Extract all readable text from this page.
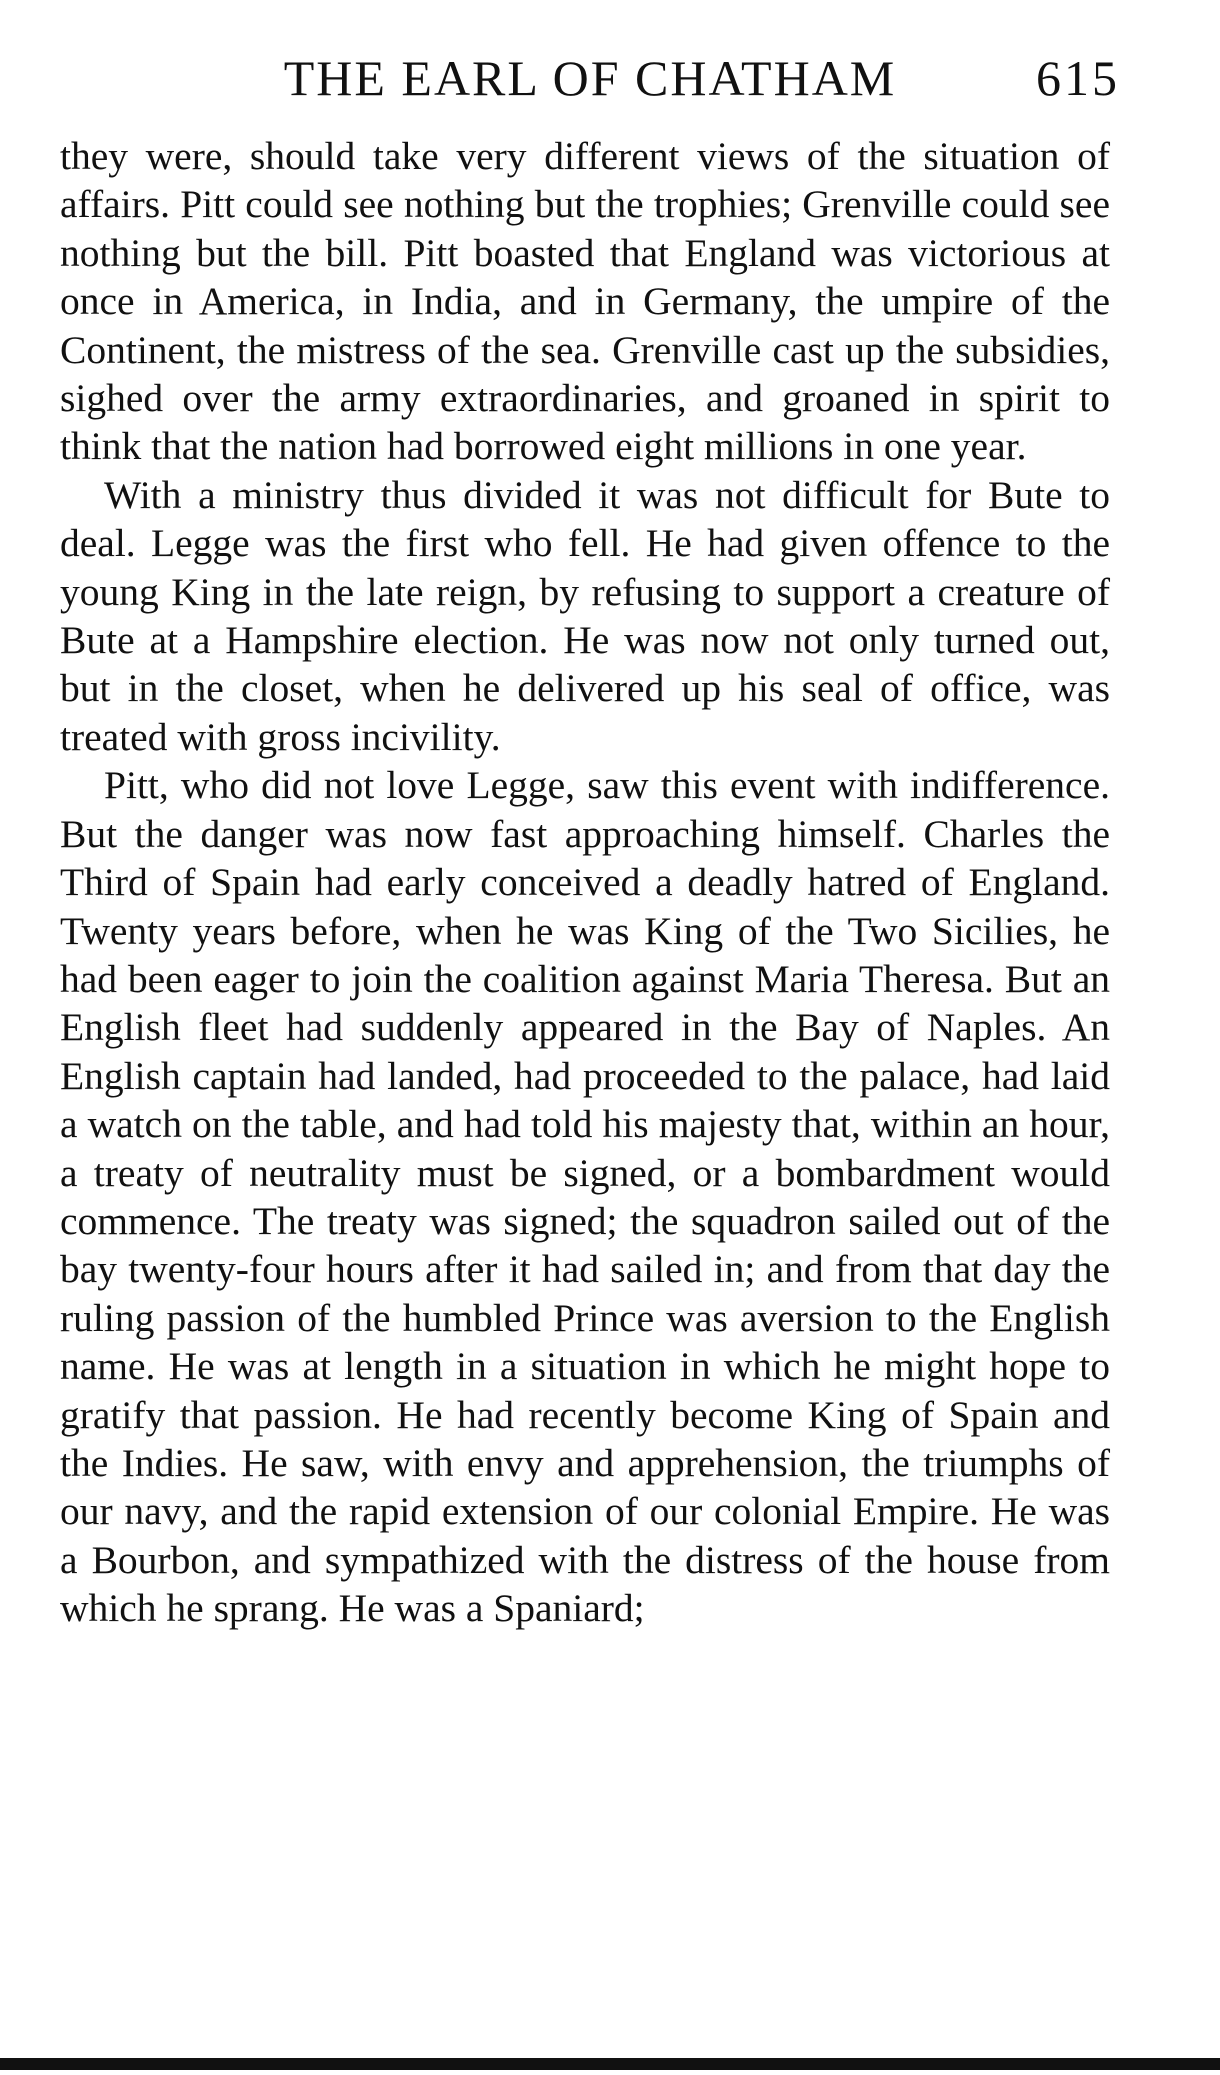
THE EARL OF CHATHAM	615

they were, should take very different views of the situation of affairs. Pitt could see nothing but the trophies; Grenville could see nothing but the bill. Pitt boasted that England was victorious at once in America, in India, and in Germany, the umpire of the Continent, the mistress of the sea. Grenville cast up the subsidies, sighed over the army extraordinaries, and groaned in spirit to think that the nation had borrowed eight millions in one year.

With a ministry thus divided it was not difficult for Bute to deal. Legge was the first who fell. He had given offence to the young King in the late reign, by refusing to support a creature of Bute at a Hampshire election. He was now not only turned out, but in the closet, when he delivered up his seal of office, was treated with gross incivility.

Pitt, who did not love Legge, saw this event with indifference. But the danger was now fast approaching himself. Charles the Third of Spain had early conceived a deadly hatred of England. Twenty years before, when he was King of the Two Sicilies, he had been eager to join the coalition against Maria Theresa. But an English fleet had suddenly appeared in the Bay of Naples. An English captain had landed, had proceeded to the palace, had laid a watch on the table, and had told his majesty that, within an hour, a treaty of neutrality must be signed, or a bombardment would commence. The treaty was signed; the squadron sailed out of the bay twenty-four hours after it had sailed in; and from that day the ruling passion of the humbled Prince was aversion to the English name. He was at length in a situation in which he might hope to gratify that passion. He had recently become King of Spain and the Indies. He saw, with envy and apprehension, the triumphs of our navy, and the rapid extension of our colonial Empire. He was a Bourbon, and sympathized with the distress of the house from which he sprang. He was a Spaniard;
